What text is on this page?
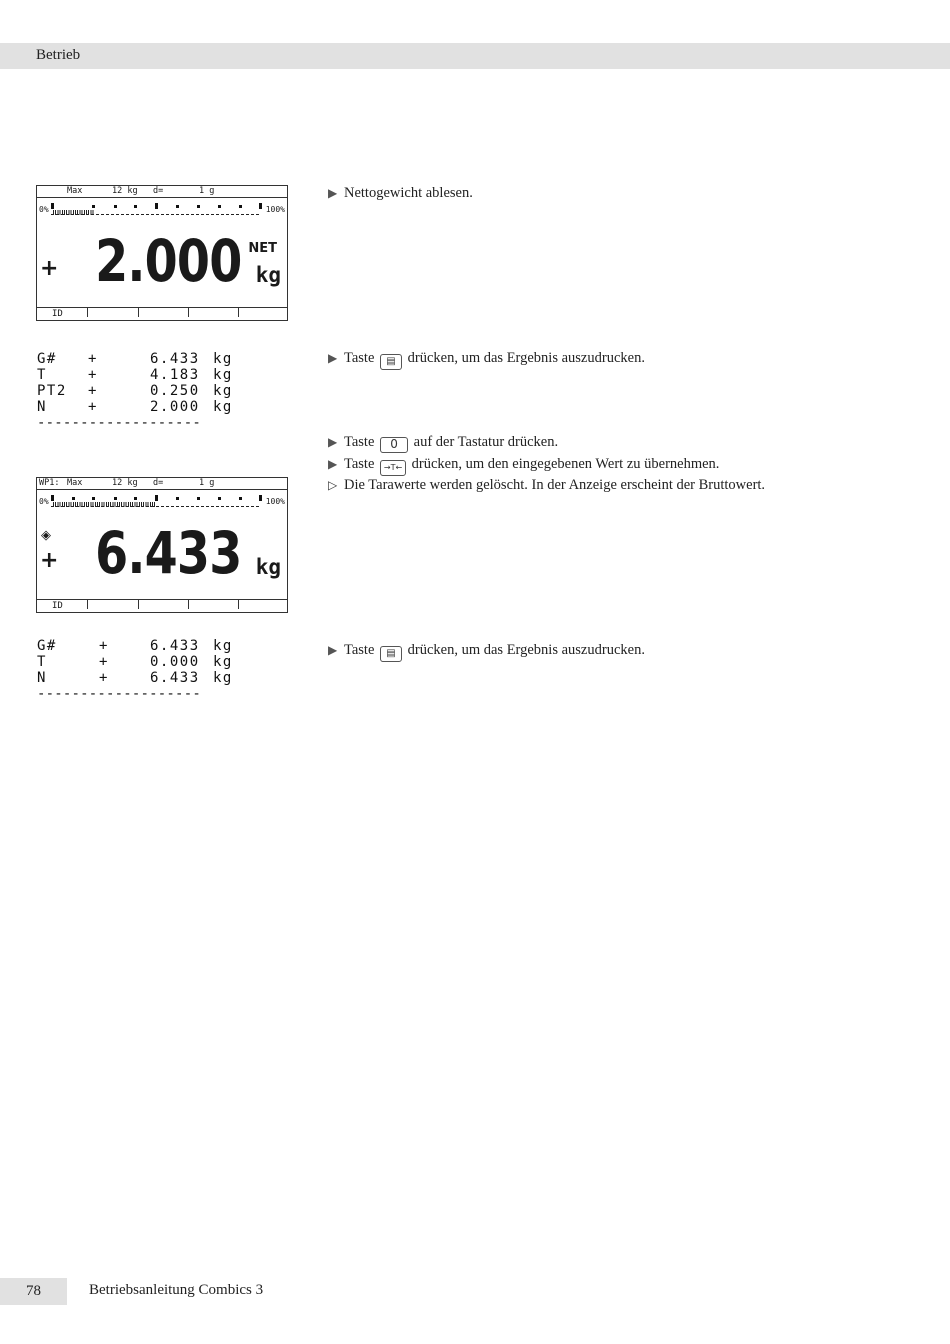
Betrieb
Max	12 kg d=	1 g
0%	100%
+ 2.000 NET
kg
ID
G# +	6.433 kg
T	+	4.183 kg
PT2 +	0.250 kg
N	+	2.000 kg
-------------------
WP1: Max	12 kg d=	1 g
0%	100%
◈
+ 6.433 kg
ID
G#	+	6.433 kg
T	+	0.000 kg
N	+	6.433 kg
-------------------
▶ Nettogewicht ablesen.
▶ Taste ▤ drücken, um das Ergebnis auszudrucken.
▶ Taste 0 auf der Tastatur drücken.
▶ Taste →T← drücken, um den eingegebenen Wert zu übernehmen.
▷ Die Tarawerte werden gelöscht. In der Anzeige erscheint der Bruttowert.
▶ Taste ▤ drücken, um das Ergebnis auszudrucken.
78	Betriebsanleitung Combics 3
